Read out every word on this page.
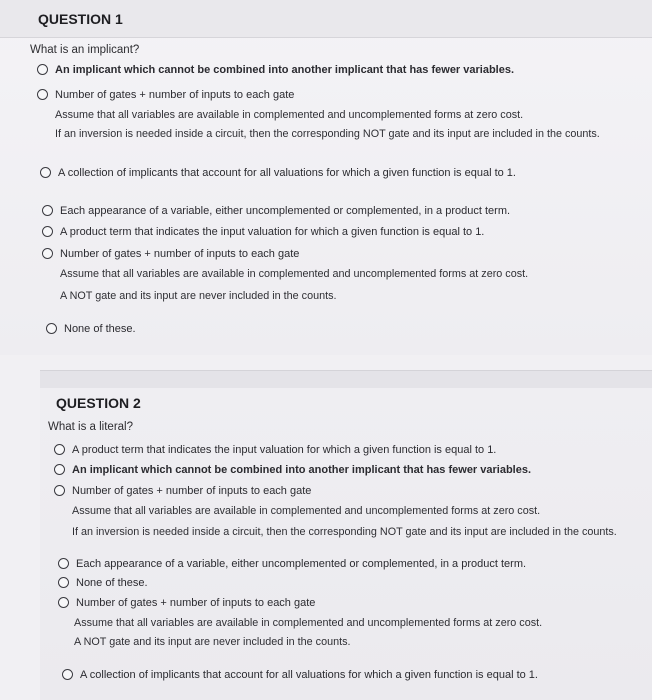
QUESTION 1
What is an implicant?
An implicant which cannot be combined into another implicant that has fewer variables.
Number of gates + number of inputs to each gate
Assume that all variables are available in complemented and uncomplemented forms at zero cost.
If an inversion is needed inside a circuit, then the corresponding NOT gate and its input are included in the counts.
A collection of implicants that account for all valuations for which a given function is equal to 1.
Each appearance of a variable, either uncomplemented or complemented, in a product term.
A product term that indicates the input valuation for which a given function is equal to 1.
Number of gates + number of inputs to each gate
Assume that all variables are available in complemented and uncomplemented forms at zero cost.
A NOT gate and its input are never included in the counts.
None of these.
QUESTION 2
What is a literal?
A product term that indicates the input valuation for which a given function is equal to 1.
An implicant which cannot be combined into another implicant that has fewer variables.
Number of gates + number of inputs to each gate
Assume that all variables are available in complemented and uncomplemented forms at zero cost.
If an inversion is needed inside a circuit, then the corresponding NOT gate and its input are included in the counts.
Each appearance of a variable, either uncomplemented or complemented, in a product term.
None of these.
Number of gates + number of inputs to each gate
Assume that all variables are available in complemented and uncomplemented forms at zero cost.
A NOT gate and its input are never included in the counts.
A collection of implicants that account for all valuations for which a given function is equal to 1.
